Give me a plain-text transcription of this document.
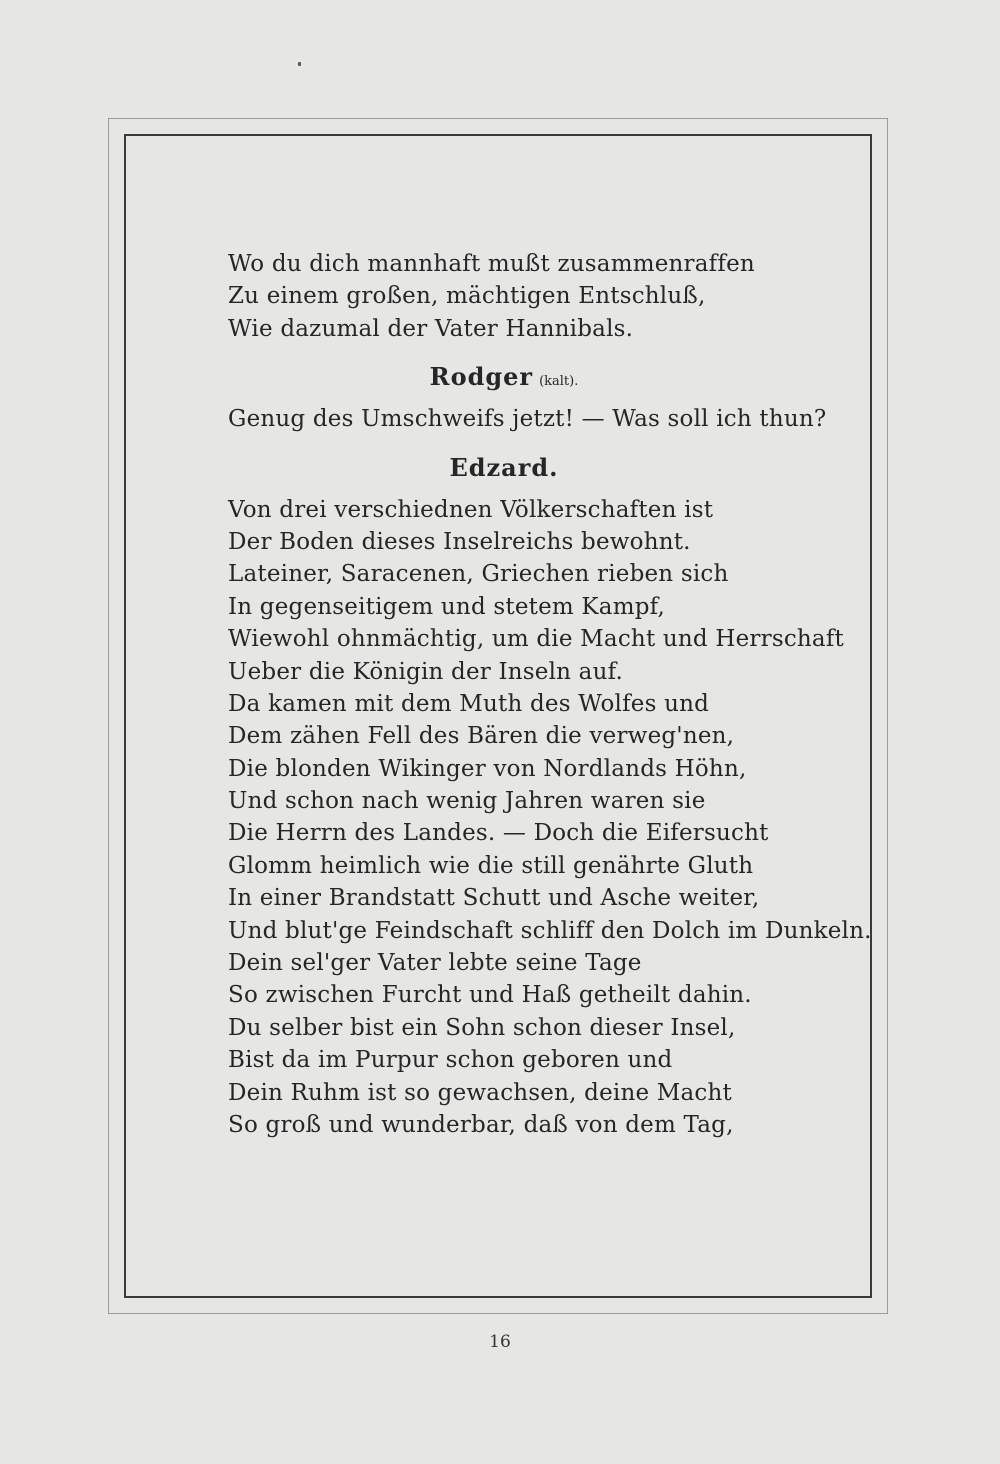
Wo du dich mannhaft mußt zusammenraffen
Zu einem großen, mächtigen Entschluß,
Wie dazumal der Vater Hannibals.
Rodger (kalt).
Genug des Umschweifs jetzt! — Was soll ich thun?
Edzard.
Von drei verschiednen Völkerschaften ist
Der Boden dieses Inselreichs bewohnt.
Lateiner, Saracenen, Griechen rieben sich
In gegenseitigem und stetem Kampf,
Wiewohl ohnmächtig, um die Macht und Herrschaft
Ueber die Königin der Inseln auf.
Da kamen mit dem Muth des Wolfes und
Dem zähen Fell des Bären die verweg'nen,
Die blonden Wikinger von Nordlands Höhn,
Und schon nach wenig Jahren waren sie
Die Herrn des Landes. — Doch die Eifersucht
Glomm heimlich wie die still genährte Gluth
In einer Brandstatt Schutt und Asche weiter,
Und blut'ge Feindschaft schliff den Dolch im Dunkeln.
Dein sel'ger Vater lebte seine Tage
So zwischen Furcht und Haß getheilt dahin.
Du selber bist ein Sohn schon dieser Insel,
Bist da im Purpur schon geboren und
Dein Ruhm ist so gewachsen, deine Macht
So groß und wunderbar, daß von dem Tag,
16
